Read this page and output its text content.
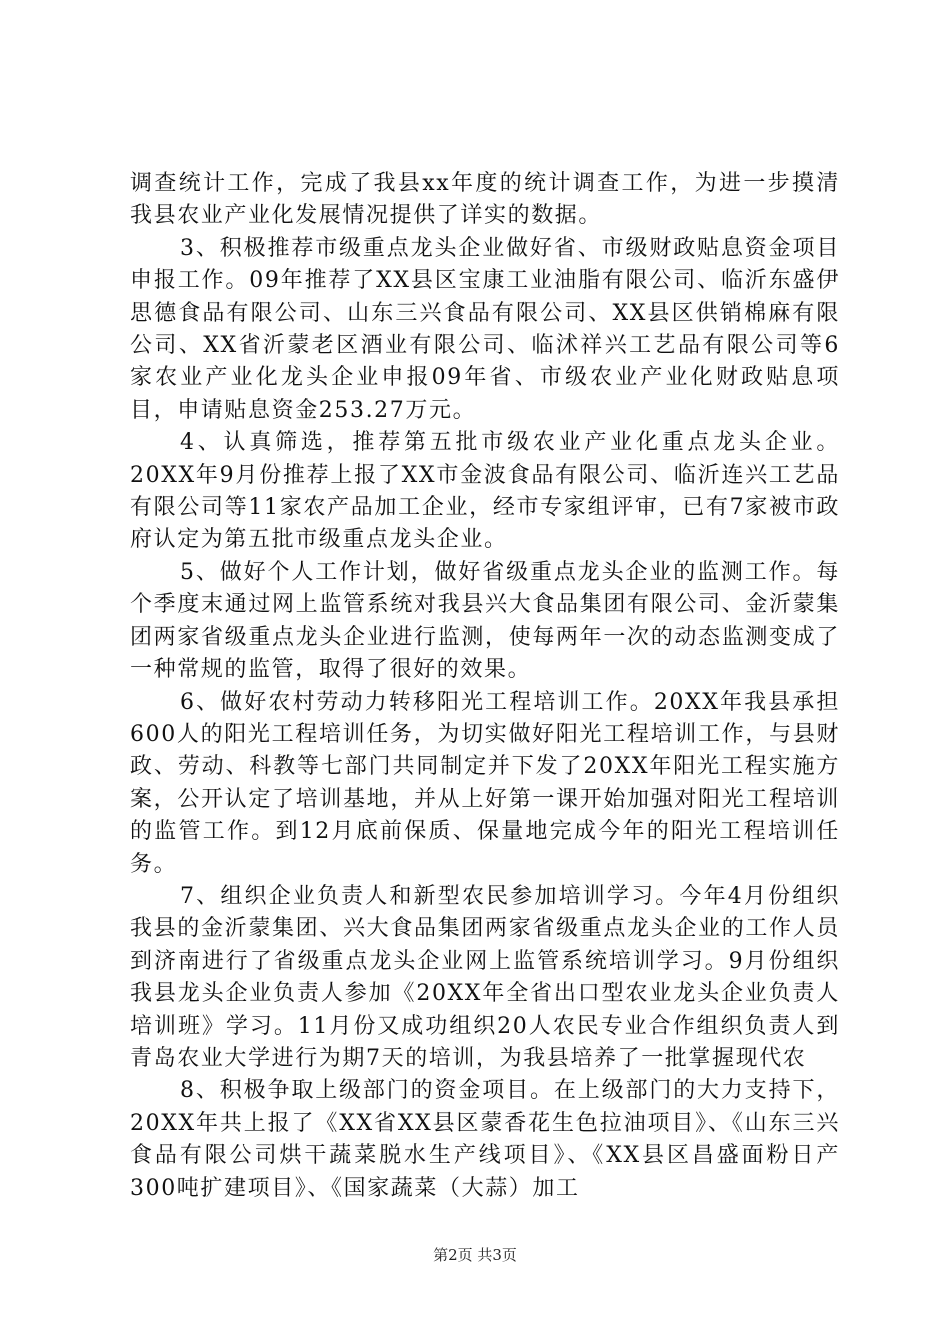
调查统计工作，完成了我县xx年度的统计调查工作，为进一步摸清我县农业产业化发展情况提供了详实的数据。

3、积极推荐市级重点龙头企业做好省、市级财政贴息资金项目申报工作。09年推荐了XX县区宝康工业油脂有限公司、临沂东盛伊思德食品有限公司、山东三兴食品有限公司、XX县区供销棉麻有限公司、XX省沂蒙老区酒业有限公司、临沭祥兴工艺品有限公司等6家农业产业化龙头企业申报09年省、市级农业产业化财政贴息项目，申请贴息资金253.27万元。

4、认真筛选，推荐第五批市级农业产业化重点龙头企业。20XX年9月份推荐上报了XX市金波食品有限公司、临沂连兴工艺品有限公司等11家农产品加工企业，经市专家组评审，已有7家被市政府认定为第五批市级重点龙头企业。

5、做好个人工作计划，做好省级重点龙头企业的监测工作。每个季度末通过网上监管系统对我县兴大食品集团有限公司、金沂蒙集团两家省级重点龙头企业进行监测，使每两年一次的动态监测变成了一种常规的监管，取得了很好的效果。

6、做好农村劳动力转移阳光工程培训工作。20XX年我县承担600人的阳光工程培训任务，为切实做好阳光工程培训工作，与县财政、劳动、科教等七部门共同制定并下发了20XX年阳光工程实施方案，公开认定了培训基地，并从上好第一课开始加强对阳光工程培训的监管工作。到12月底前保质、保量地完成今年的阳光工程培训任务。

7、组织企业负责人和新型农民参加培训学习。今年4月份组织我县的金沂蒙集团、兴大食品集团两家省级重点龙头企业的工作人员到济南进行了省级重点龙头企业网上监管系统培训学习。9月份组织我县龙头企业负责人参加《20XX年全省出口型农业龙头企业负责人培训班》学习。11月份又成功组织20人农民专业合作组织负责人到青岛农业大学进行为期7天的培训，为我县培养了一批掌握现代农

8、积极争取上级部门的资金项目。在上级部门的大力支持下，20XX年共上报了《XX省XX县区蒙香花生色拉油项目》、《山东三兴食品有限公司烘干蔬菜脱水生产线项目》、《XX县区昌盛面粉日产300吨扩建项目》、《国家蔬菜（大蒜）加工

第2页 共3页
